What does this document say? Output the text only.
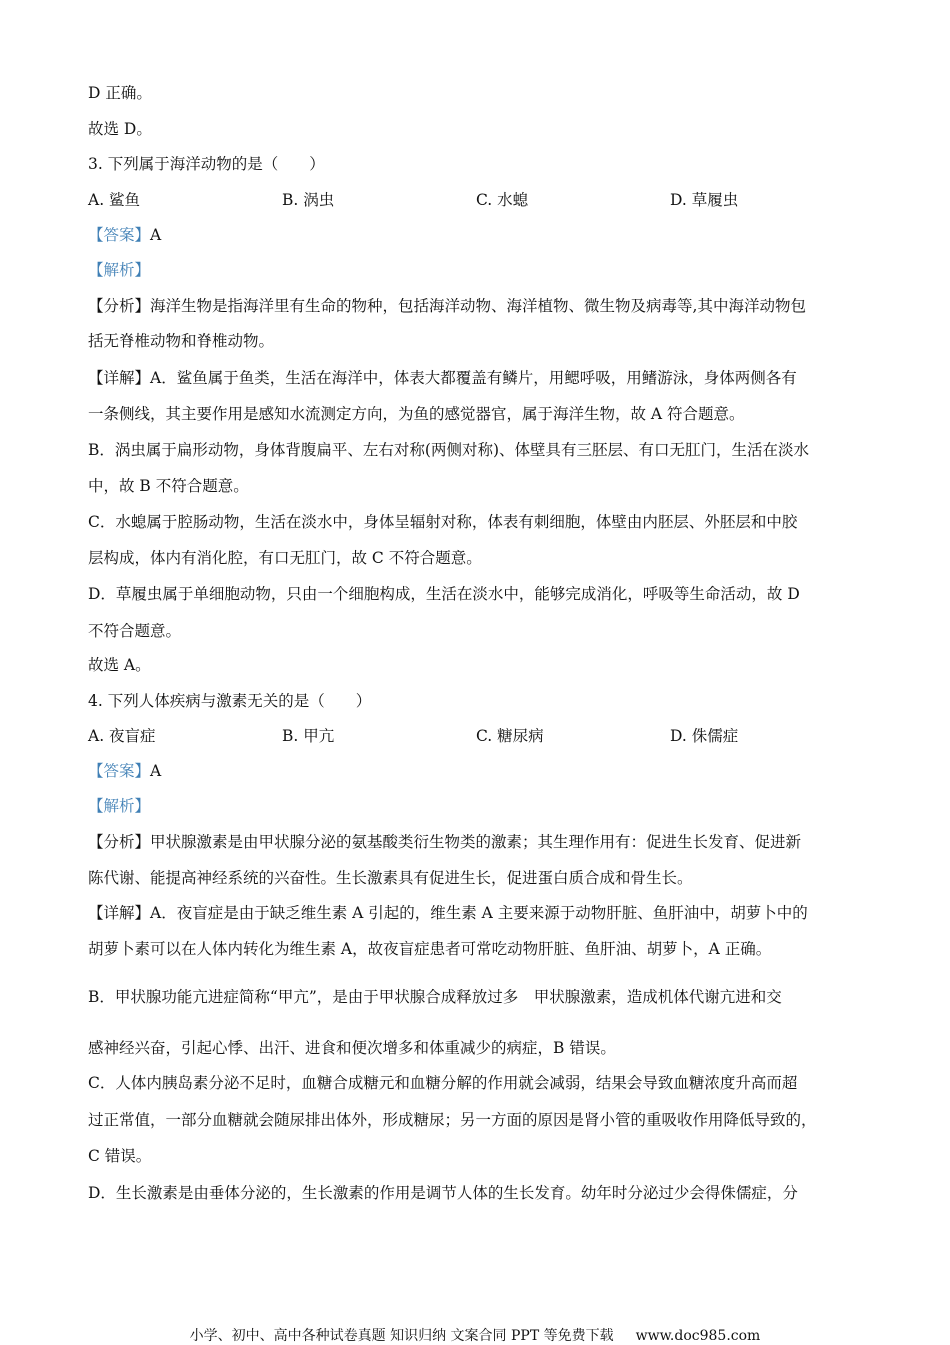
D 正确。
故选 D。
3. 下列属于海洋动物的是（　　）
A. 鲨鱼	B. 涡虫	C. 水螅	D. 草履虫
【答案】A
【解析】
【分析】海洋生物是指海洋里有生命的物种，包括海洋动物、海洋植物、微生物及病毒等,其中海洋动物包
括无脊椎动物和脊椎动物。
【详解】A．鲨鱼属于鱼类，生活在海洋中，体表大都覆盖有鳞片，用鳃呼吸，用鳍游泳，身体两侧各有
一条侧线，其主要作用是感知水流测定方向，为鱼的感觉器官，属于海洋生物，故 A 符合题意。
B．涡虫属于扁形动物，身体背腹扁平、左右对称(两侧对称)、体壁具有三胚层、有口无肛门，生活在淡水
中，故 B 不符合题意。
C．水螅属于腔肠动物，生活在淡水中，身体呈辐射对称，体表有刺细胞，体壁由内胚层、外胚层和中胶
层构成，体内有消化腔，有口无肛门，故 C 不符合题意。
D．草履虫属于单细胞动物，只由一个细胞构成，生活在淡水中，能够完成消化，呼吸等生命活动，故 D
不符合题意。
故选 A。
4. 下列人体疾病与激素无关的是（　　）
A. 夜盲症	B. 甲亢	C. 糖尿病	D. 侏儒症
【答案】A
【解析】
【分析】甲状腺激素是由甲状腺分泌的氨基酸类衍生物类的激素；其生理作用有：促进生长发育、促进新
陈代谢、能提高神经系统的兴奋性。生长激素具有促进生长，促进蛋白质合成和骨生长。
【详解】A．夜盲症是由于缺乏维生素 A 引起的，维生素 A 主要来源于动物肝脏、鱼肝油中，胡萝卜中的
胡萝卜素可以在人体内转化为维生素 A，故夜盲症患者可常吃动物肝脏、鱼肝油、胡萝卜，A 正确。
B．甲状腺功能亢进症简称“甲亢”，是由于甲状腺合成释放过多　甲状腺激素，造成机体代谢亢进和交
感神经兴奋，引起心悸、出汗、进食和便次增多和体重减少的病症，B 错误。
C．人体内胰岛素分泌不足时，血糖合成糖元和血糖分解的作用就会减弱，结果会导致血糖浓度升高而超
过正常值，一部分血糖就会随尿排出体外，形成糖尿；另一方面的原因是肾小管的重吸收作用降低导致的，
C 错误。
D．生长激素是由垂体分泌的，生长激素的作用是调节人体的生长发育。幼年时分泌过少会得侏儒症，分
小学、初中、高中各种试卷真题 知识归纳 文案合同 PPT 等免费下载 www.doc985.com
